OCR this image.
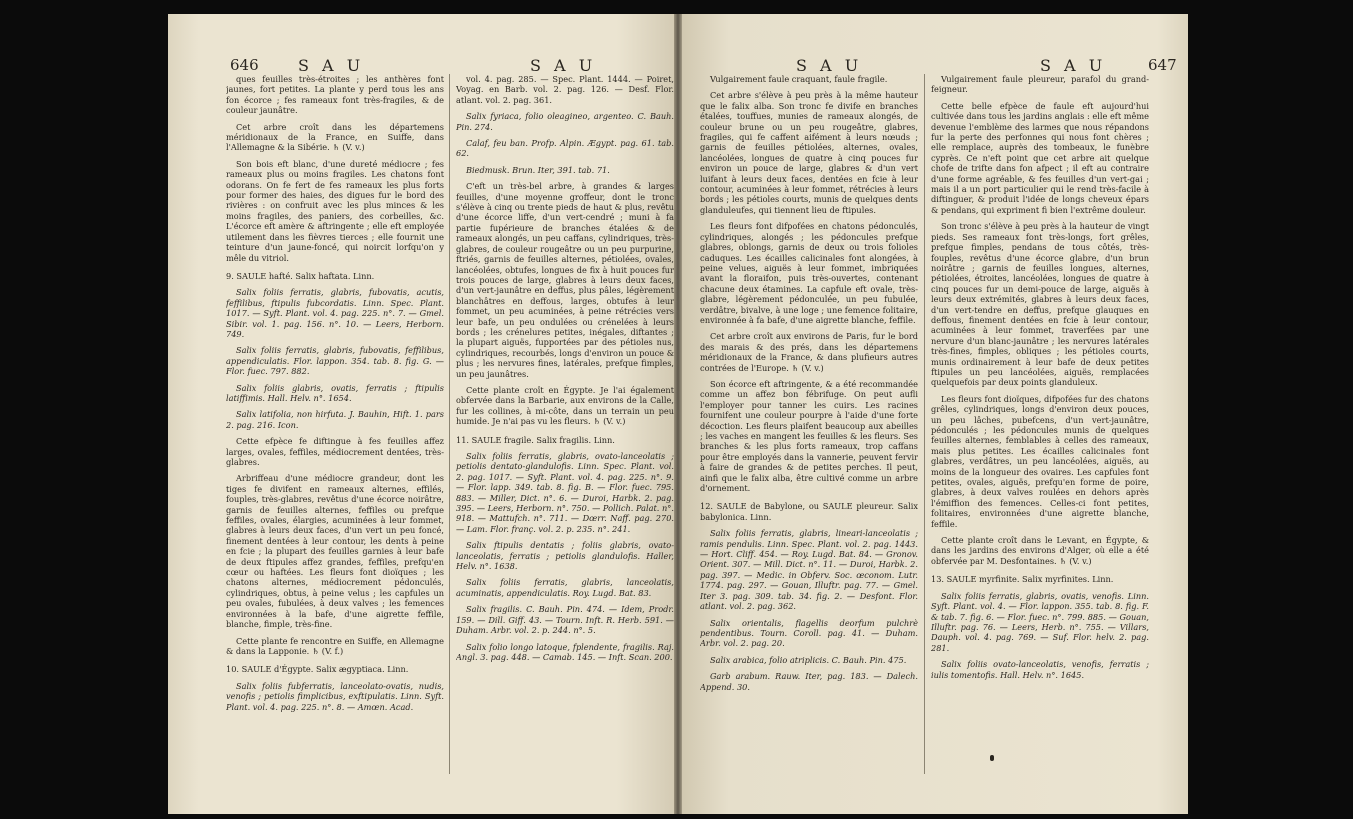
646 S A U	S A U

ques feuilles très-étroites ; les anthères font jaunes, fort petites. La plante y perd tous les ans fon écorce ; fes rameaux font très-fragiles, & de couleur jaunâtre.

Cet arbre croît dans les départemens méridionaux de la France, en Suiffe, dans l'Allemagne & la Sibérie. ♄ (V. v.)

Son bois eft blanc, d'une dureté médiocre ; fes rameaux plus ou moins fragiles. Les chatons font odorans. On fe fert de fes rameaux les plus forts pour former des haies, des digues fur le bord des rivières : on confruit avec les plus minces & les moins fragiles, des paniers, des corbeilles, &c. L'écorce eft amère & aftringente ; elle eft employée utilement dans les fièvres tierces ; elle fournit une teinture d'un jaune-foncé, qui noircit lorfqu'on y mêle du vitriol.

9. SAULE hafté. Salix haftata. Linn.

Salix foliis ferratis, glabris, fubovatis, acutis, feffilibus, ftipulis fubcordatis. Linn. Spec. Plant. 1017. — Syft. Plant. vol. 4. pag. 225. n°. 7. — Gmel. Sibir. vol. 1. pag. 156. n°. 10. — Leers, Herborn. 749.

Salix foliis ferratis, glabris, fubovatis, feffilibus, appendiculatis. Flor. lappon. 354. tab. 8. fig. G. — Flor. fuec. 797. 882.

Salix foliis glabris, ovatis, ferratis ; ftipulis latiffimis. Hall. Helv. n°. 1654.

Salix latifolia, non hirfuta. J. Bauhin, Hift. 1. pars 2. pag. 216. Icon.

Cette efpèce fe diftingue à fes feuilles affez larges, ovales, feffiles, médiocrement dentées, très-glabres.

Arbriffeau d'une médiocre grandeur, dont les tiges fe divifent en rameaux alternes, effilés, fouples, très-glabres, revêtus d'une écorce noirâtre, garnis de feuilles alternes, feffiles ou prefque feffiles, ovales, élargies, acuminées à leur fommet, glabres à leurs deux faces, d'un vert un peu foncé, finement dentées à leur contour, les dents à peine en fcie ; la plupart des feuilles garnies à leur bafe de deux ftipules affez grandes, feffiles, prefqu'en cœur ou haftées. Les fleurs font dioïques ; les chatons alternes, médiocrement pédonculés, cylindriques, obtus, à peine velus ; les capfules un peu ovales, fubulées, à deux valves ; les femences environnées à la bafe, d'une aigrette feffile, blanche, fimple, très-fine.

Cette plante fe rencontre en Suiffe, en Allemagne & dans la Lapponie. ♄ (V. f.)

10. SAULE d'Égypte. Salix ægyptiaca. Linn.

Salix foliis fubferratis, lanceolato-ovatis, nudis, venofis ; petiolis fimplicibus, exftipulatis. Linn. Syft. Plant. vol. 4. pag. 225. n°. 8. — Amœn. Acad.

vol. 4. pag. 285. — Spec. Plant. 1444. — Poiret, Voyag. en Barb. vol. 2. pag. 126. — Desf. Flor. atlant. vol. 2. pag. 361.

Salix fyriaca, folio oleagineo, argenteo. C. Bauh. Pin. 274.

Calaf, feu ban. Profp. Alpin. Ægypt. pag. 61. tab. 62.

Biedmusk. Brun. Iter, 391. tab. 71.

C'eft un très-bel arbre, à grandes & larges feuilles, d'une moyenne groffeur, dont le tronc s'élève à cinq ou trente pieds de haut & plus, revêtu d'une écorce liffe, d'un vert-cendré ; muni à fa partie fupérieure de branches étalées & de rameaux alongés, un peu caffans, cylindriques, très-glabres, de couleur rougeâtre ou un peu purpurine, ftriés, garnis de feuilles alternes, pétiolées, ovales, lancéolées, obtufes, longues de fix à huit pouces fur trois pouces de large, glabres à leurs deux faces, d'un vert-jaunâtre en deffus, plus pâles, légèrement blanchâtres en deffous, larges, obtufes à leur fommet, un peu acuminées, à peine rétrécies vers leur bafe, un peu ondulées ou crénelées à leurs bords ; les crénelures petites, inégales, diftantes ; la plupart aiguës, fupportées par des pétioles nus, cylindriques, recourbés, longs d'environ un pouce & plus ; les nervures fines, latérales, prefque fimples, un peu jaunâtres.

Cette plante croît en Égypte. Je l'ai également obfervée dans la Barbarie, aux environs de la Calle, fur les collines, à mi-côte, dans un terrain un peu humide. Je n'ai pas vu les fleurs. ♄ (V. v.)

11. SAULE fragile. Salix fragilis. Linn.

Salix foliis ferratis, glabris, ovato-lanceolatis ; petiolis dentato-glandulofis. Linn. Spec. Plant. vol. 2. pag. 1017. — Syft. Plant. vol. 4. pag. 225. n°. 9. — Flor. lapp. 349. tab. 8. fig. B. — Flor. fuec. 795. 883. — Miller, Dict. n°. 6. — Duroi, Harbk. 2. pag. 395. — Leers, Herborn. n°. 750. — Pollich. Palat. n°. 918. — Mattufch. n°. 711. — Dœrr. Naff. pag. 270. — Lam. Flor. franç. vol. 2. p. 235. n°. 241.

Salix ftipulis dentatis ; foliis glabris, ovato-lanceolatis, ferratis ; petiolis glandulofis. Haller, Helv. n°. 1638.

Salix foliis ferratis, glabris, lanceolatis, acuminatis, appendiculatis. Roy. Lugd. Bat. 83.

Salix fragilis. C. Bauh. Pin. 474. — Idem, Prodr. 159. — Dill. Giff. 43. — Tourn. Inft. R. Herb. 591. — Duham. Arbr. vol. 2. p. 244. n°. 5.

Salix folio longo latoque, fplendente, fragilis. Raj. Angl. 3. pag. 448. — Camab. 145. — Inft. Scan. 200.

S A U	S A U	647

Vulgairement faule craquant, faule fragile.

Cet arbre s'élève à peu près à la même hauteur que le falix alba. Son tronc fe divife en branches étalées, touffues, munies de rameaux alongés, de couleur brune ou un peu rougeâtre, glabres, fragiles, qui fe caffent aifément à leurs nœuds ; garnis de feuilles pétiolées, alternes, ovales, lancéolées, longues de quatre à cinq pouces fur environ un pouce de large, glabres & d'un vert luifant à leurs deux faces, dentées en fcie à leur contour, acuminées à leur fommet, rétrécies à leurs bords ; les pétioles courts, munis de quelques dents glanduleufes, qui tiennent lieu de ftipules.

Les fleurs font difpofées en chatons pédonculés, cylindriques, alongés ; les pédoncules prefque glabres, oblongs, garnis de deux ou trois folioles caduques. Les écailles calicinales font alongées, à peine velues, aiguës à leur fommet, imbriquées avant la floraifon, puis très-ouvertes, contenant chacune deux étamines. La capfule eft ovale, très-glabre, légèrement pédonculée, un peu fubulée, verdâtre, bivalve, à une loge ; une femence folitaire, environnée à fa bafe, d'une aigrette blanche, feffile.

Cet arbre croît aux environs de Paris, fur le bord des marais & des prés, dans les départemens méridionaux de la France, & dans plufieurs autres contrées de l'Europe. ♄ (V. v.)

Son écorce eft aftringente, & a été recommandée comme un affez bon fébrifuge. On peut aufli l'employer pour tanner les cuirs. Les racines fournifent une couleur pourpre à l'aide d'une forte décoction. Les fleurs plaifent beaucoup aux abeilles ; les vaches en mangent les feuilles & les fleurs. Ses branches & les plus forts rameaux, trop caffans pour être employés dans la vannerie, peuvent fervir à faire de grandes & de petites perches. Il peut, ainfi que le falix alba, être cultivé comme un arbre d'ornement.

12. SAULE de Babylone, ou SAULE pleureur. Salix babylonica. Linn.

Salix foliis ferratis, glabris, lineari-lanceolatis ; ramis pendulis. Linn. Spec. Plant. vol. 2. pag. 1443. — Hort. Cliff. 454. — Roy. Lugd. Bat. 84. — Gronov. Orient. 307. — Mill. Dict. n°. 11. — Duroi, Harbk. 2. pag. 397. — Medic. in Obferv. Soc. œconom. Lutr. 1774. pag. 297. — Gouan, Illuftr. pag. 77. — Gmel. Iter 3. pag. 309. tab. 34. fig. 2. — Desfont. Flor. atlant. vol. 2. pag. 362.

Salix orientalis, flagellis deorfum pulchrè pendentibus. Tourn. Coroll. pag. 41. — Duham. Arbr. vol. 2. pag. 20.

Salix arabica, folio atriplicis. C. Bauh. Pin. 475.

Garb arabum. Rauw. Iter, pag. 183. — Dalech. Append. 30.

Vulgairement faule pleureur, parafol du grand-feigneur.

Cette belle efpèce de faule eft aujourd'hui cultivée dans tous les jardins anglais : elle eft même devenue l'emblème des larmes que nous répandons fur la perte des perfonnes qui nous font chères ; elle remplace, auprès des tombeaux, le funèbre cyprès. Ce n'eft point que cet arbre ait quelque chofe de trifte dans fon afpect ; il eft au contraire d'une forme agréable, & fes feuilles d'un vert-gai ; mais il a un port particulier qui le rend très-facile à diftinguer, & produit l'idée de longs cheveux épars & pendans, qui expriment fi bien l'extrême douleur.

Son tronc s'élève à peu près à la hauteur de vingt pieds. Ses rameaux font très-longs, fort grêles, prefque fimples, pendans de tous côtés, très-fouples, revêtus d'une écorce glabre, d'un brun noirâtre ; garnis de feuilles longues, alternes, pétiolées, étroites, lancéolées, longues de quatre à cinq pouces fur un demi-pouce de large, aiguës à leurs deux extrémités, glabres à leurs deux faces, d'un vert-tendre en deffus, prefque glauques en deffous, finement dentées en fcie à leur contour, acuminées à leur fommet, traverfées par une nervure d'un blanc-jaunâtre ; les nervures latérales très-fines, fimples, obliques ; les pétioles courts, munis ordinairement à leur bafe de deux petites ftipules un peu lancéolées, aiguës, remplacées quelquefois par deux points glanduleux.

Les fleurs font dioïques, difpofées fur des chatons grêles, cylindriques, longs d'environ deux pouces, un peu lâches, pubefcens, d'un vert-jaunâtre, pédonculés ; les pédoncules munis de quelques feuilles alternes, femblables à celles des rameaux, mais plus petites. Les écailles calicinales font glabres, verdâtres, un peu lancéolées, aiguës, au moins de la longueur des ovaires. Les capfules font petites, ovales, aiguës, prefqu'en forme de poire, glabres, à deux valves roulées en dehors après l'émiffion des femences. Celles-ci font petites, folitaires, environnées d'une aigrette blanche, feffile.

Cette plante croît dans le Levant, en Égypte, & dans les jardins des environs d'Alger, où elle a été obfervée par M. Desfontaines. ♄ (V. v.)

13. SAULE myrfinite. Salix myrfinites. Linn.

Salix foliis ferratis, glabris, ovatis, venofis. Linn. Syft. Plant. vol. 4. — Flor. lappon. 355. tab. 8. fig. F. & tab. 7. fig. 6. — Flor. fuec. n°. 799. 885. — Gouan, Illuftr. pag. 76. — Leers, Herb. n°. 755. — Villars, Dauph. vol. 4. pag. 769. — Suf. Flor. helv. 2. pag. 281.

Salix foliis ovato-lanceolatis, venofis, ferratis ; iulis tomentofis. Hall. Helv. n°. 1645.
